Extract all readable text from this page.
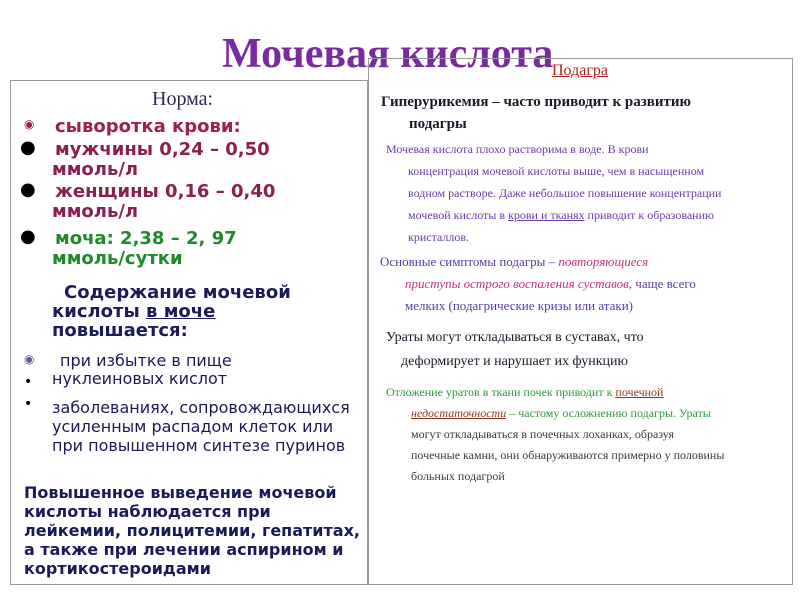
Мочевая кислота
Норма:
◉ сыворотка крови:
● мужчины 0,24 – 0,50
ммоль/л
● женщины 0,16 – 0,40
ммоль/л
● моча: 2,38 – 2, 97
ммоль/сутки
Содержание мочевой кислоты в моче повышается:
◉
•
при избытке в пище нуклеиновых кислот
• заболеваниях, сопровождающихся усиленным распадом клеток или при повышенном синтезе пуринов
Повышенное выведение мочевой кислоты наблюдается при лейкемии, полицитемии, гепатитах, а также при лечении аспирином и кортикостероидами
Подагра
Гиперурикемия – часто приводит к развитию
подагры
Мочевая кислота плохо растворима в воде. В крови
концентрация мочевой кислоты выше, чем в насыщенном
водном растворе. Даже небольшое повышение концентрации
мочевой кислоты в крови и тканях приводит к образованию
кристаллов.
Основные симптомы подагры – повторяющиеся
приступы острого воспаления суставов, чаще всего
мелких (подагрические кризы или атаки)
Ураты могут откладываться в суставах, что
деформирует и нарушает их функцию
Отложение уратов в ткани почек приводит к почечной
недостаточности – частому осложнению подагры. Ураты
могут откладываться в почечных лоханках, образуя
почечные камни, они обнаруживаются примерно у половины
больных подагрой
